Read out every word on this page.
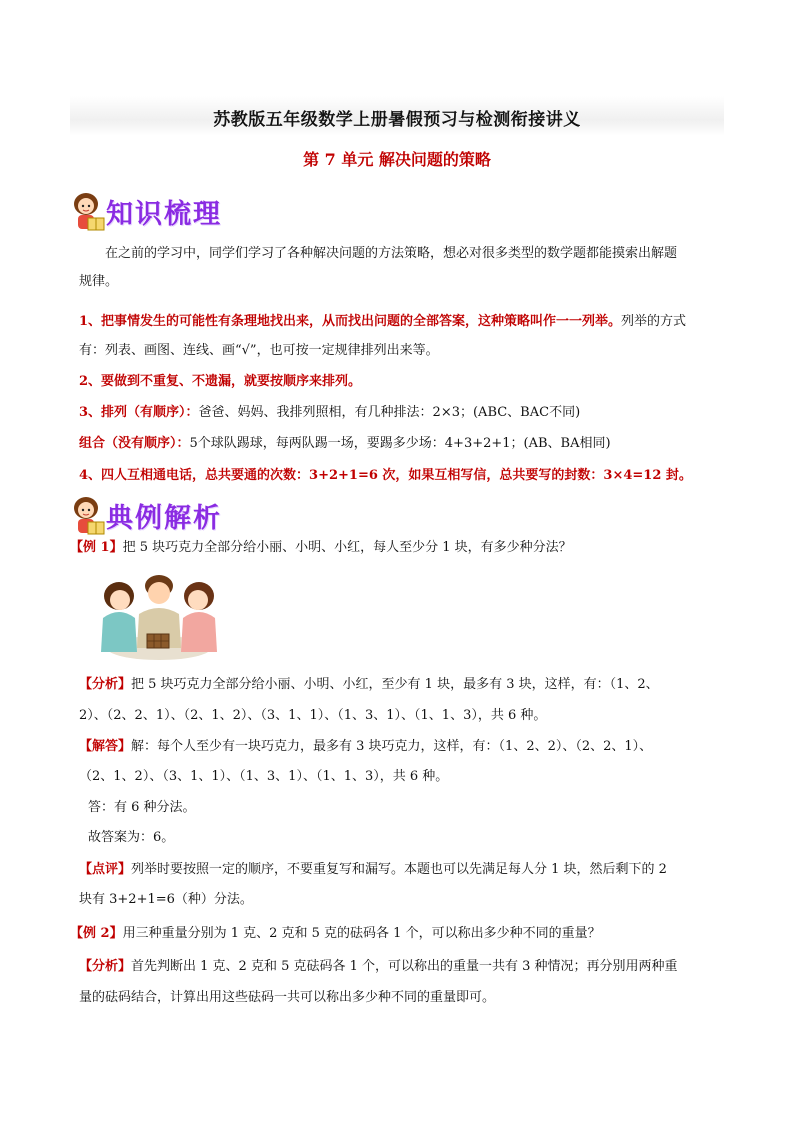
苏教版五年级数学上册暑假预习与检测衔接讲义
第 7 单元 解决问题的策略
知识梳理
在之前的学习中，同学们学习了各种解决问题的方法策略，想必对很多类型的数学题都能摸索出解题
规律。
1、把事情发生的可能性有条理地找出来，从而找出问题的全部答案，这种策略叫作一一列举。列举的方式
有：列表、画图、连线、画“√”，也可按一定规律排列出来等。
2、要做到不重复、不遗漏，就要按顺序来排列。
3、排列（有顺序）：爸爸、妈妈、我排列照相，有几种排法：2×3；(ABC、BAC不同)
组合（没有顺序）：5个球队踢球，每两队踢一场，要踢多少场：4+3+2+1；(AB、BA相同)
4、四人互相通电话，总共要通的次数：3+2+1=6 次，如果互相写信，总共要写的封数：3×4=12 封。
典例解析
【例 1】把 5 块巧克力全部分给小丽、小明、小红，每人至少分 1 块，有多少种分法？
【分析】把 5 块巧克力全部分给小丽、小明、小红，至少有 1 块，最多有 3 块，这样，有：（1、2、
2）、（2、2、1）、（2、1、2）、（3、1、1）、（1、3、1）、（1、1、3），共 6 种。
【解答】解：每个人至少有一块巧克力，最多有 3 块巧克力，这样，有：（1、2、2）、（2、2、1）、
（2、1、2）、（3、1、1）、（1、3、1）、（1、1、3），共 6 种。
答：有 6 种分法。
故答案为：6。
【点评】列举时要按照一定的顺序，不要重复写和漏写。本题也可以先满足每人分 1 块，然后剩下的 2
块有 3+2+1=6（种）分法。
【例 2】用三种重量分别为 1 克、2 克和 5 克的砝码各 1 个，可以称出多少种不同的重量？
【分析】首先判断出 1 克、2 克和 5 克砝码各 1 个，可以称出的重量一共有 3 种情况；再分别用两种重
量的砝码结合，计算出用这些砝码一共可以称出多少种不同的重量即可。
